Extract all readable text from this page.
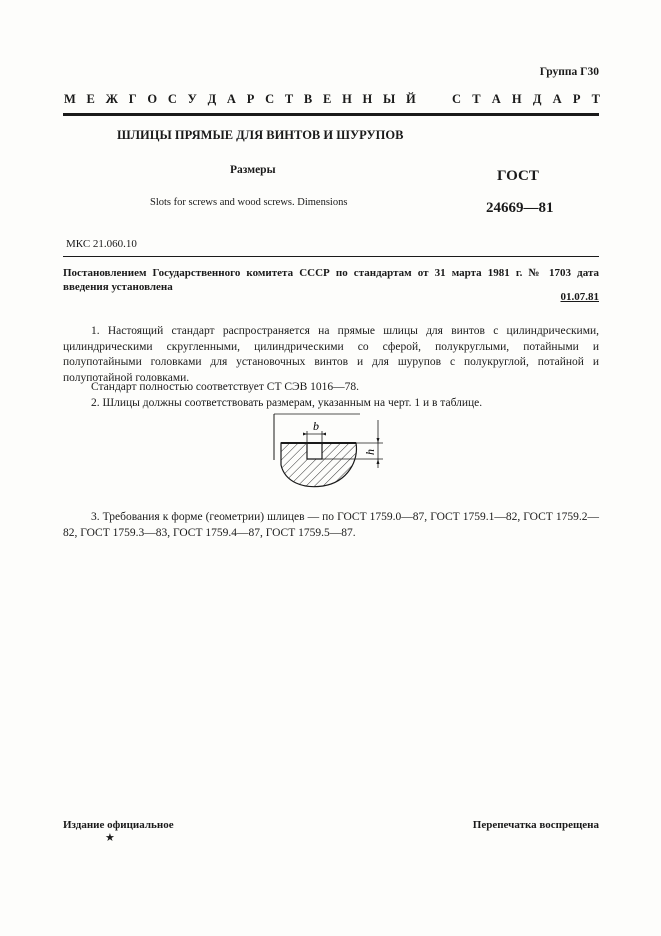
Группа Г30
М Е Ж Г О С У Д А Р С Т В Е Н Н Ы Й	С Т А Н Д А Р Т
ШЛИЦЫ ПРЯМЫЕ ДЛЯ ВИНТОВ И ШУРУПОВ
Размеры
Slots for screws and wood screws. Dimensions
ГОСТ
24669—81
МКС 21.060.10
Постановлением Государственного комитета СССР по стандартам от 31 марта 1981 г. № 1703 дата введения установлена
01.07.81

1. Настоящий стандарт распространяется на прямые шлицы для винтов с цилиндрическими, цилиндрическими скругленными, цилиндрическими со сферой, полукруглыми, потайными и полупотайными головками для установочных винтов и для шурупов с полукруглой, потайной и полупотайной головками.

Стандарт полностью соответствует СТ СЭВ 1016—78.

2. Шлицы должны соответствовать размерам, указанным на черт. 1 и в таблице.

b
h

3. Требования к форме (геометрии) шлицев — по ГОСТ 1759.0—87, ГОСТ 1759.1—82, ГОСТ 1759.2—82, ГОСТ 1759.3—83, ГОСТ 1759.4—87, ГОСТ 1759.5—87.

Издание официальное
★
Перепечатка воспрещена
